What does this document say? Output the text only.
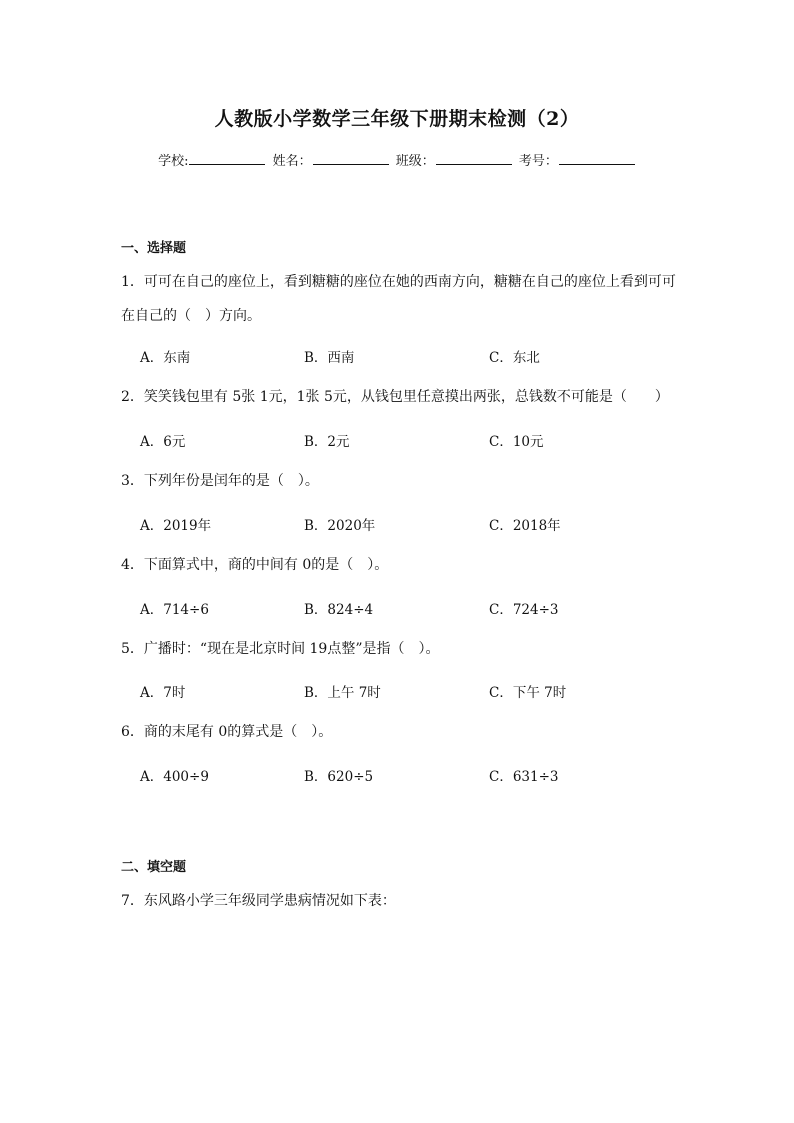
人教版小学数学三年级下册期末检测（2）
学校:	姓名：	班级：	考号：
一、选择题
1．可可在自己的座位上，看到糖糖的座位在她的西南方向，糖糖在自己的座位上看到可可在自己的（　）方向。
A．东南	B．西南	C．东北
2．笑笑钱包里有 5张 1元，1张 5元，从钱包里任意摸出两张，总钱数不可能是（　　）
A．6元	B．2元	C．10元
3．下列年份是闰年的是（　）。
A．2019年	B．2020年	C．2018年
4．下面算式中，商的中间有 0的是（　）。
A．714÷6	B．824÷4	C．724÷3
5．广播时：“现在是北京时间 19点整”是指（　）。
A．7时	B．上午 7时	C．下午 7时
6．商的末尾有 0的算式是（　）。
A．400÷9	B．620÷5	C．631÷3
二、填空题
7．东风路小学三年级同学患病情况如下表：
